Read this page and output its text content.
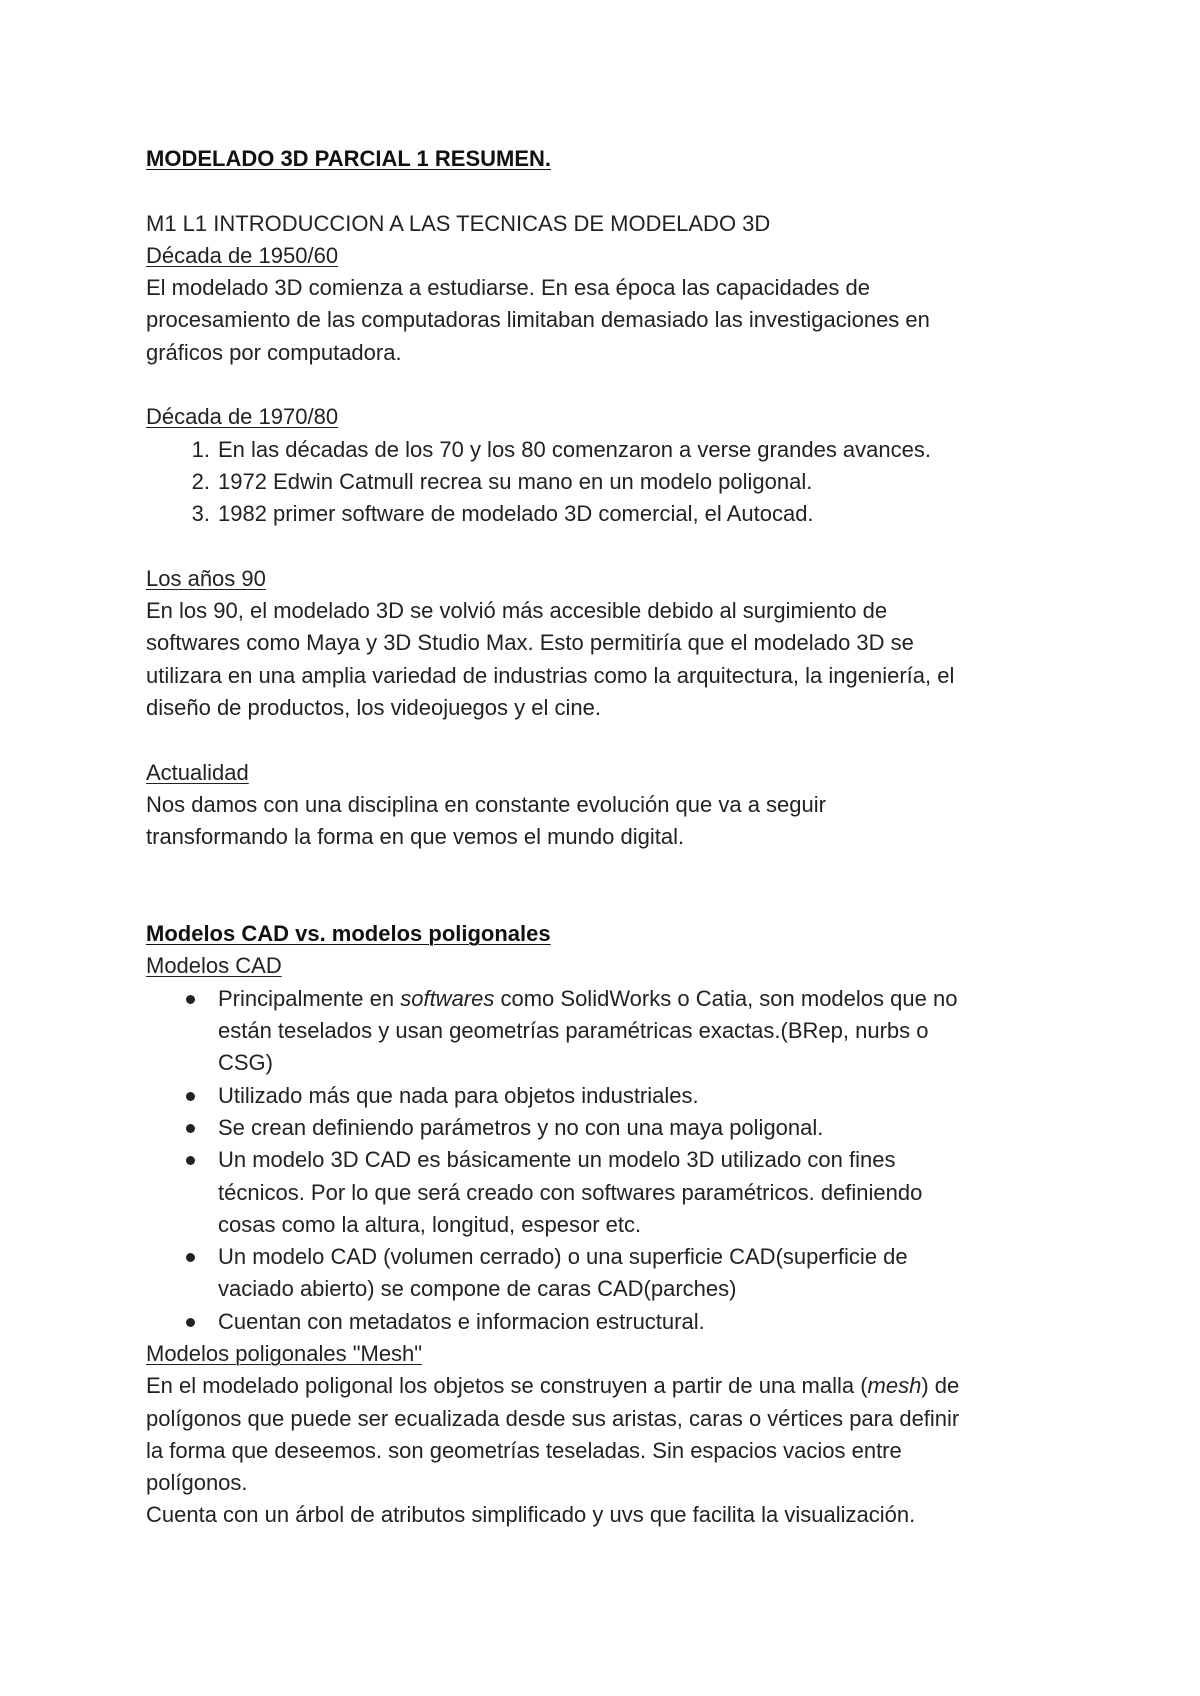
MODELADO 3D PARCIAL 1 RESUMEN.

M1 L1 INTRODUCCION A LAS TECNICAS DE MODELADO 3D

Década de 1950/60

El modelado 3D comienza a estudiarse. En esa época las capacidades de

procesamiento de las computadoras limitaban demasiado las investigaciones en

gráficos por computadora.

Década de 1970/80

1. En las décadas de los 70 y los 80 comenzaron a verse grandes avances.
2. 1972 Edwin Catmull recrea su mano en un modelo poligonal.
3. 1982 primer software de modelado 3D comercial, el Autocad.

Los años 90

En los 90, el modelado 3D se volvió más accesible debido al surgimiento de

softwares como Maya y 3D Studio Max. Esto permitiría que el modelado 3D se

utilizara en una amplia variedad de industrias como la arquitectura, la ingeniería, el

diseño de productos, los videojuegos y el cine.

Actualidad

Nos damos con una disciplina en constante evolución que va a seguir

transformando la forma en que vemos el mundo digital.

Modelos CAD vs. modelos poligonales

Modelos CAD

Principalmente en softwares como SolidWorks o Catia, son modelos que no
están teselados y usan geometrías paramétricas exactas.(BRep, nurbs o
CSG)
Utilizado más que nada para objetos industriales.
Se crean definiendo parámetros y no con una maya poligonal.
Un modelo 3D CAD es básicamente un modelo 3D utilizado con fines
técnicos. Por lo que será creado con softwares paramétricos. definiendo
cosas como la altura, longitud, espesor etc.
Un modelo CAD (volumen cerrado) o una superficie CAD(superficie de
vaciado abierto) se compone de caras CAD(parches)
Cuentan con metadatos e informacion estructural.

Modelos poligonales "Mesh"

En el modelado poligonal los objetos se construyen a partir de una malla (mesh) de

polígonos que puede ser ecualizada desde sus aristas, caras o vértices para definir

la forma que deseemos. son geometrías teseladas. Sin espacios vacios entre

polígonos.

Cuenta con un árbol de atributos simplificado y uvs que facilita la visualización.
